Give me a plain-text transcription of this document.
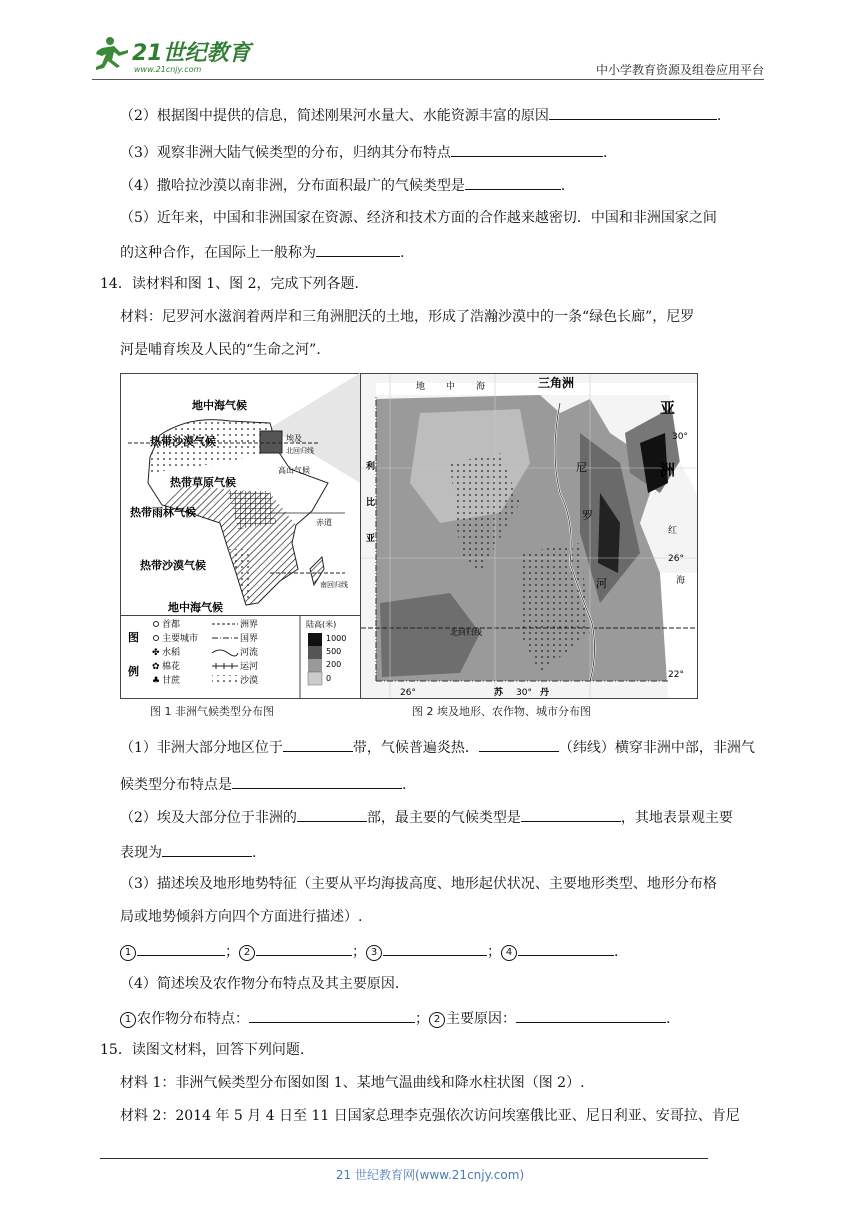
21世纪教育
www.21cnjy.com	中小学教育资源及组卷应用平台
（2）根据图中提供的信息，简述刚果河水量大、水能资源丰富的原因	.
（3）观察非洲大陆气候类型的分布，归纳其分布特点	.
（4）撒哈拉沙漠以南非洲，分布面积最广的气候类型是	.
（5）近年来，中国和非洲国家在资源、经济和技术方面的合作越来越密切．中国和非洲国家之间
的这种合作，在国际上一般称为	.
14．读材料和图 1、图 2，完成下列各题．
材料：尼罗河水滋润着两岸和三角洲肥沃的土地，形成了浩瀚沙漠中的一条“绿色长廊”，尼罗
河是哺育埃及人民的“生命之河”．
地中海气候
热带沙漠气候	埃及
北回归线
热带草原气候
高山气候
热带雨林气候
赤道
热带沙漠气候
南回归线
地中海气候
图
例
首都	洲界
主要城市	国界
✤ 水稻	河流
✿ 棉花	运河
♣ 甘蔗	沙漠
陆高(米)
1000
500
200
0
地 中 海	三角洲
亚
洲
30°
利
比
亚
尼
罗
河
红
海
26°
北回归线
26°	苏 30° 丹
22°
图 1 非洲气候类型分布图	图 2 埃及地形、农作物、城市分布图
（1）非洲大部分地区位于	带，气候普遍炎热．	（纬线）横穿非洲中部，非洲气
候类型分布特点是	.
（2）埃及大部分位于非洲的	部，最主要的气候类型是	，其地表景观主要
表现为	.
（3）描述埃及地形地势特征（主要从平均海拔高度、地形起伏状况、主要地形类型、地形分布格
局或地势倾斜方向四个方面进行描述）.
1	； 2	； 3	； 4	.
（4）简述埃及农作物分布特点及其主要原因.
1 农作物分布特点：	； 2 主要原因：	.
15．读图文材料，回答下列问题.
材料 1：非洲气候类型分布图如图 1、某地气温曲线和降水柱状图（图 2）.
材料 2：2014 年 5 月 4 日至 11 日国家总理李克强依次访问埃塞俄比亚、尼日利亚、安哥拉、肯尼
21 世纪教育网(www.21cnjy.com)
